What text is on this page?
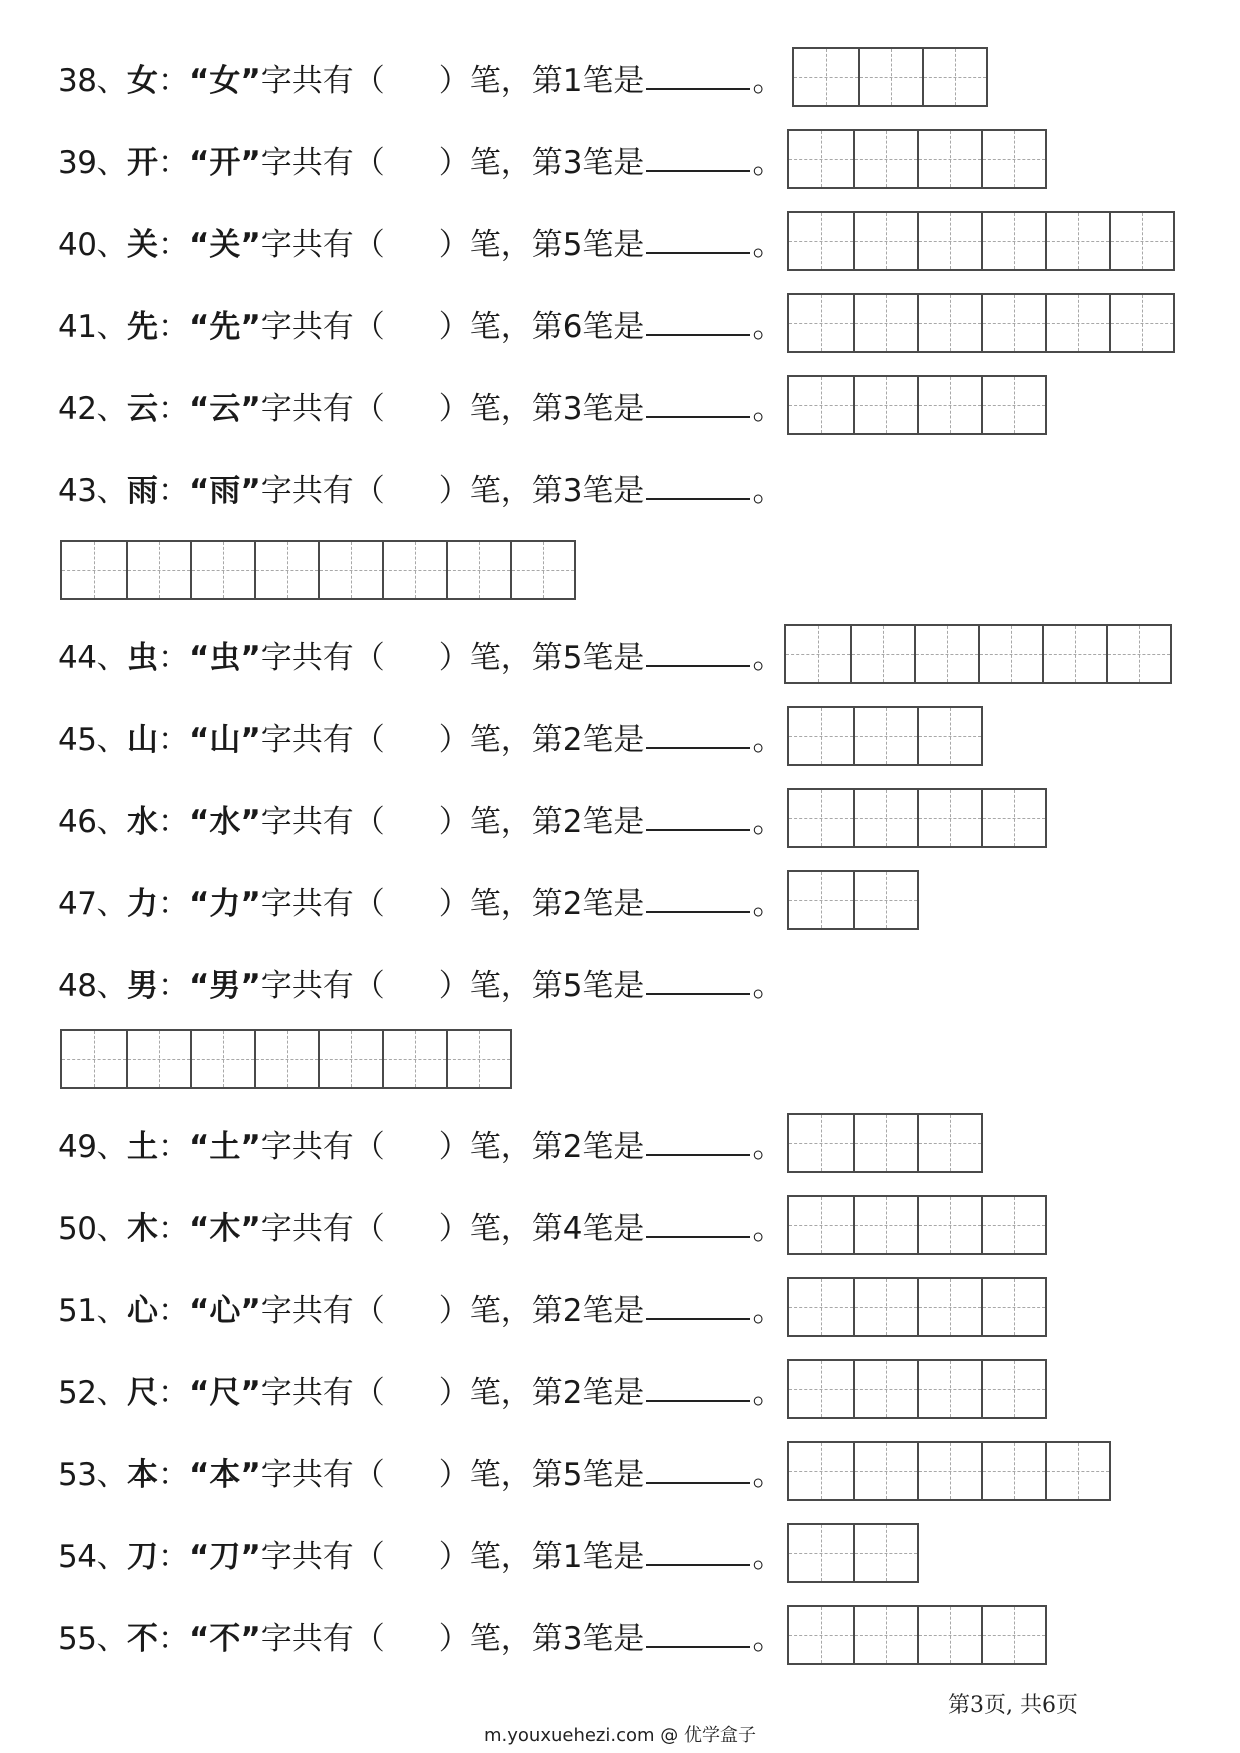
38、 女 ： “女” 字共有（ ）笔， 第1笔是	。
39、 开 ： “开” 字共有（ ）笔， 第3笔是	。
40、 关 ： “关” 字共有（ ）笔， 第5笔是	。
41、 先 ： “先” 字共有（ ）笔， 第6笔是	。
42、 云 ： “云” 字共有（ ）笔， 第3笔是	。
43、 雨 ： “雨” 字共有（ ）笔， 第3笔是	。
44、 虫 ： “虫” 字共有（ ）笔， 第5笔是	。
45、 山 ： “山” 字共有（ ）笔， 第2笔是	。
46、 水 ： “水” 字共有（ ）笔， 第2笔是	。
47、 力 ： “力” 字共有（ ）笔， 第2笔是	。
48、 男 ： “男” 字共有（ ）笔， 第5笔是	。
49、 土 ： “土” 字共有（ ）笔， 第2笔是	。
50、 木 ： “木” 字共有（ ）笔， 第4笔是	。
51、 心 ： “心” 字共有（ ）笔， 第2笔是	。
52、 尺 ： “尺” 字共有（ ）笔， 第2笔是	。
53、 本 ： “本” 字共有（ ）笔， 第5笔是	。
54、 刀 ： “刀” 字共有（ ）笔， 第1笔是	。
55、 不 ： “不” 字共有（ ）笔， 第3笔是	。
第3页, 共6页
m.youxuehezi.com @ 优学盒子
